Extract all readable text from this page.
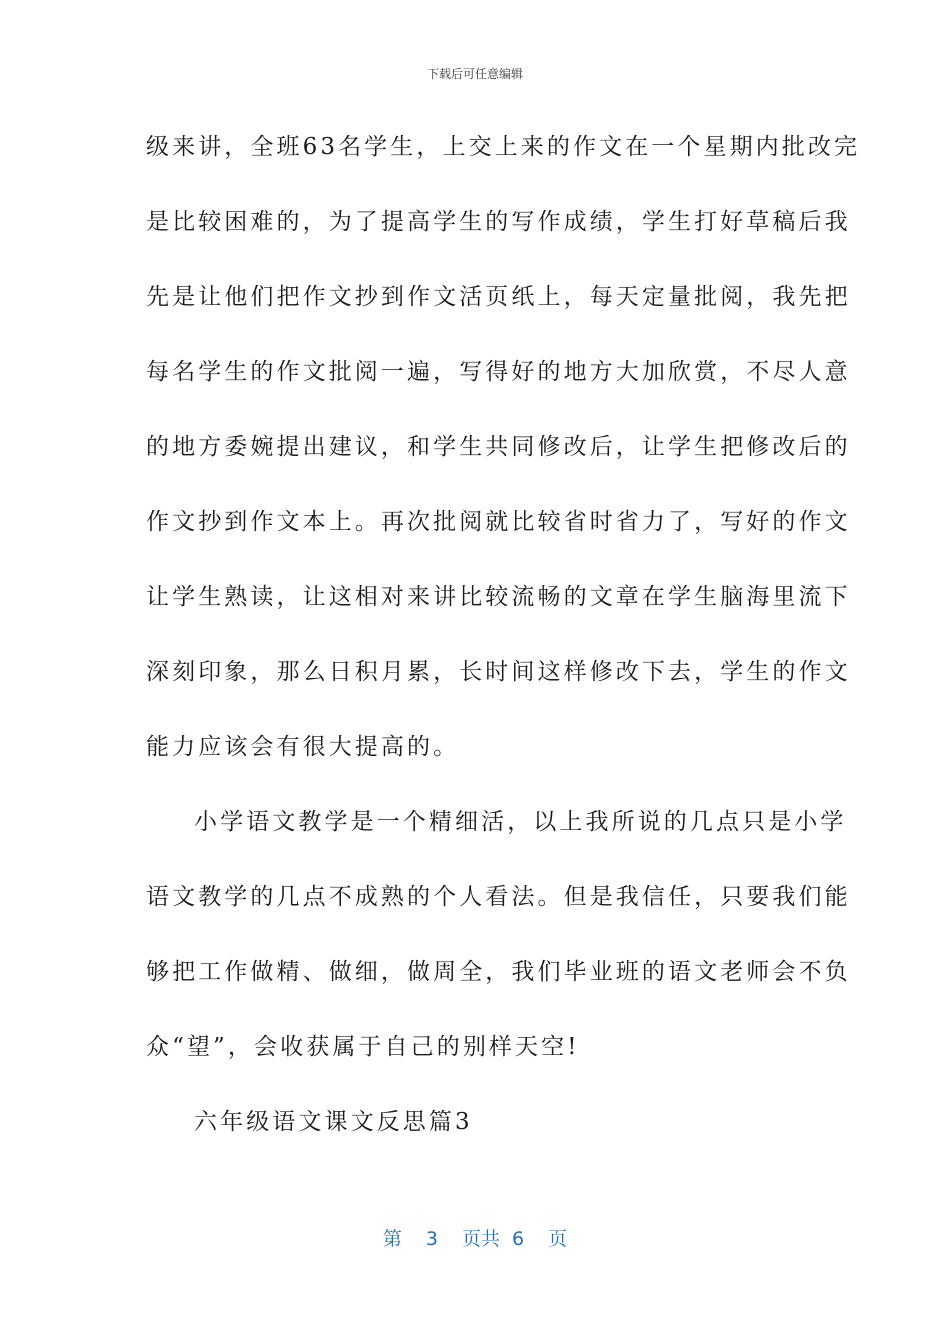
下载后可任意编辑
级来讲，全班63名学生，上交上来的作文在一个星期内批改完
是比较困难的，为了提高学生的写作成绩，学生打好草稿后我
先是让他们把作文抄到作文活页纸上，每天定量批阅，我先把
每名学生的作文批阅一遍，写得好的地方大加欣赏，不尽人意
的地方委婉提出建议，和学生共同修改后，让学生把修改后的
作文抄到作文本上。再次批阅就比较省时省力了，写好的作文
让学生熟读，让这相对来讲比较流畅的文章在学生脑海里流下
深刻印象，那么日积月累，长时间这样修改下去，学生的作文
能力应该会有很大提高的。
小学语文教学是一个精细活，以上我所说的几点只是小学
语文教学的几点不成熟的个人看法。但是我信任，只要我们能
够把工作做精、做细，做周全，我们毕业班的语文老师会不负
众“望”，会收获属于自己的别样天空!
六年级语文课文反思篇3
第 3 页共 6 页
